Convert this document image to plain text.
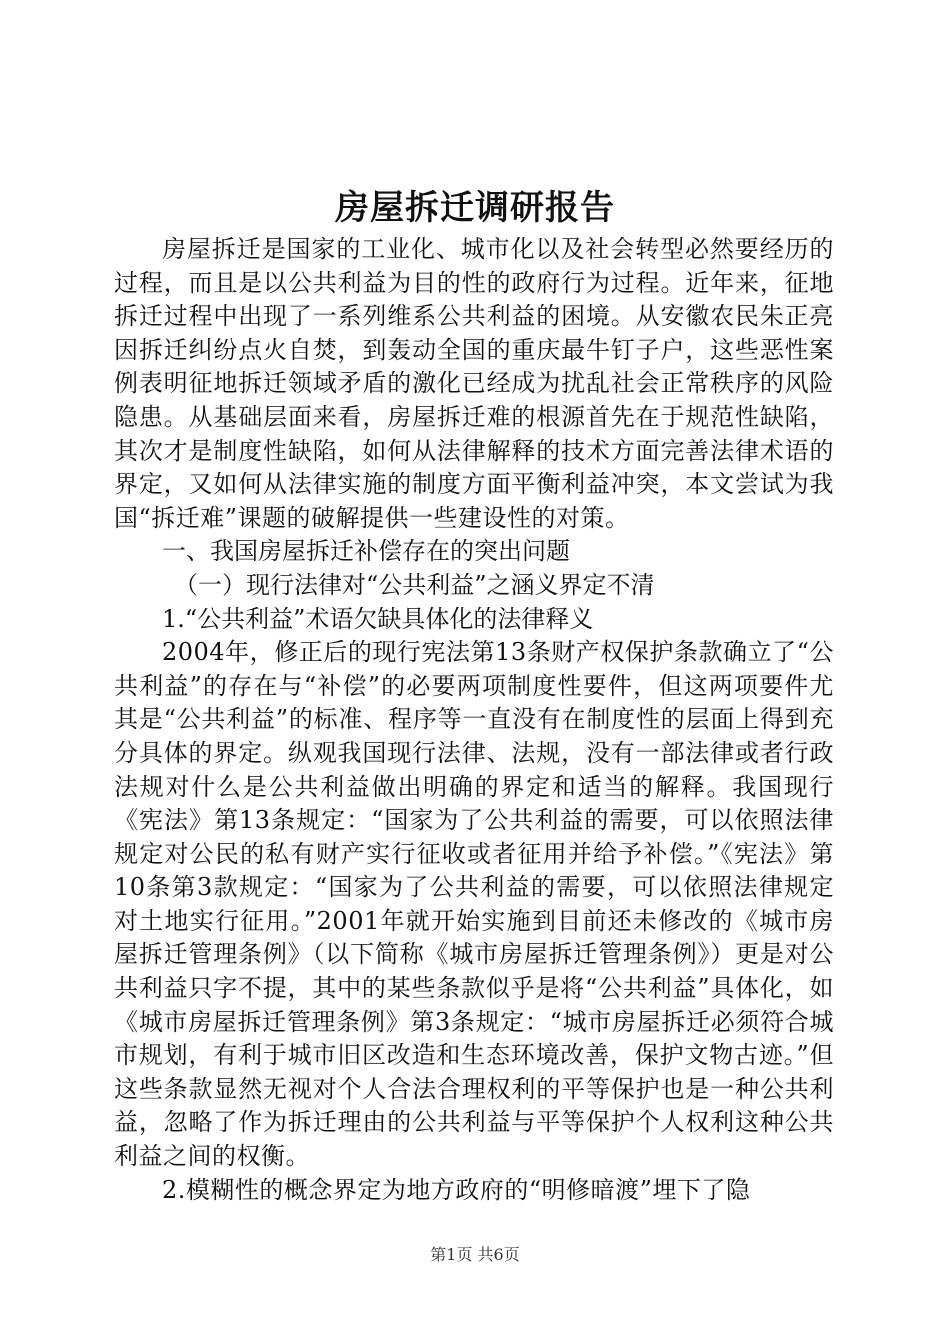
房屋拆迁调研报告

房屋拆迁是国家的工业化、城市化以及社会转型必然要经历的过程，而且是以公共利益为目的性的政府行为过程。近年来，征地拆迁过程中出现了一系列维系公共利益的困境。从安徽农民朱正亮因拆迁纠纷点火自焚，到轰动全国的重庆最牛钉子户，这些恶性案例表明征地拆迁领域矛盾的激化已经成为扰乱社会正常秩序的风险隐患。从基础层面来看，房屋拆迁难的根源首先在于规范性缺陷，其次才是制度性缺陷，如何从法律解释的技术方面完善法律术语的界定，又如何从法律实施的制度方面平衡利益冲突，本文尝试为我国“拆迁难”课题的破解提供一些建设性的对策。

一、我国房屋拆迁补偿存在的突出问题

（一）现行法律对“公共利益”之涵义界定不清

1.“公共利益”术语欠缺具体化的法律释义

2004年，修正后的现行宪法第13条财产权保护条款确立了“公共利益”的存在与“补偿”的必要两项制度性要件，但这两项要件尤其是“公共利益”的标准、程序等一直没有在制度性的层面上得到充分具体的界定。纵观我国现行法律、法规，没有一部法律或者行政法规对什么是公共利益做出明确的界定和适当的解释。我国现行《宪法》第13条规定：“国家为了公共利益的需要，可以依照法律规定对公民的私有财产实行征收或者征用并给予补偿。”《宪法》第10条第3款规定：“国家为了公共利益的需要，可以依照法律规定对土地实行征用。”2001年就开始实施到目前还未修改的《城市房屋拆迁管理条例》（以下简称《城市房屋拆迁管理条例》）更是对公共利益只字不提，其中的某些条款似乎是将“公共利益”具体化，如《城市房屋拆迁管理条例》第3条规定：“城市房屋拆迁必须符合城市规划，有利于城市旧区改造和生态环境改善，保护文物古迹。”但这些条款显然无视对个人合法合理权利的平等保护也是一种公共利益，忽略了作为拆迁理由的公共利益与平等保护个人权利这种公共利益之间的权衡。

2.模糊性的概念界定为地方政府的“明修暗渡”埋下了隐

第1页 共6页
